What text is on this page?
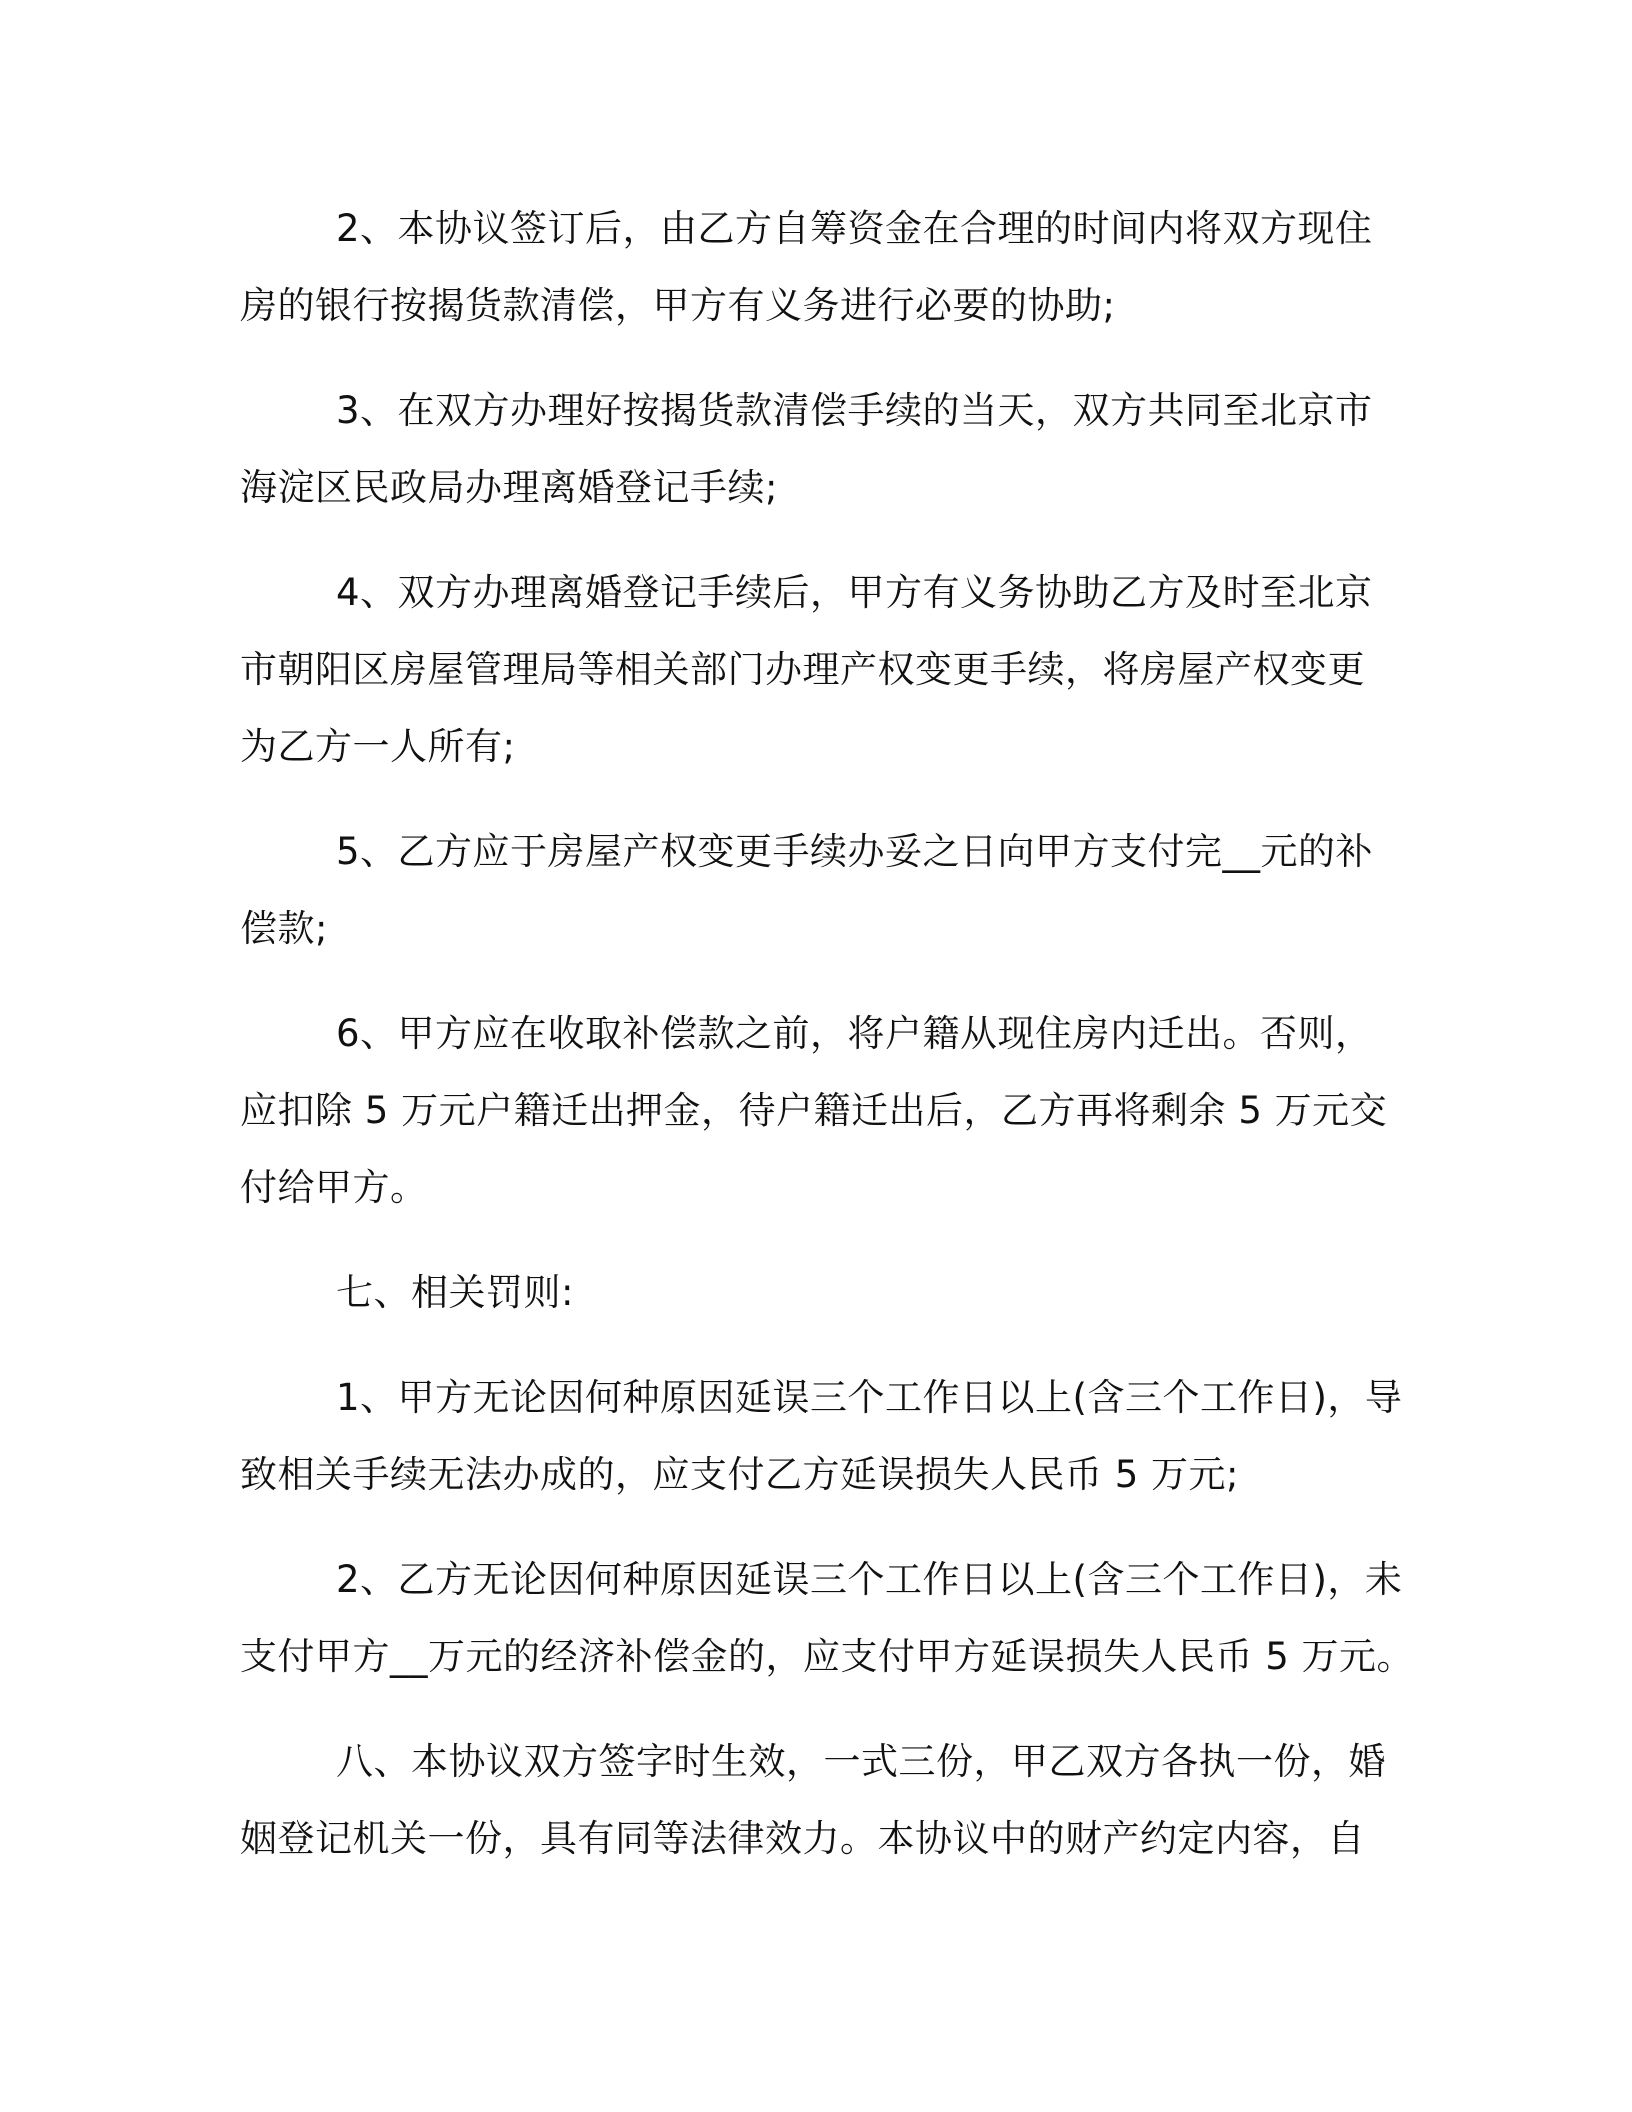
2、本协议签订后，由乙方自筹资金在合理的时间内将双方现住
房的银行按揭货款清偿，甲方有义务进行必要的协助;

3、在双方办理好按揭货款清偿手续的当天，双方共同至北京市
海淀区民政局办理离婚登记手续;

4、双方办理离婚登记手续后，甲方有义务协助乙方及时至北京
市朝阳区房屋管理局等相关部门办理产权变更手续，将房屋产权变更
为乙方一人所有;

5、乙方应于房屋产权变更手续办妥之日向甲方支付完__元的补
偿款;

6、甲方应在收取补偿款之前，将户籍从现住房内迁出。否则，
应扣除 5 万元户籍迁出押金，待户籍迁出后，乙方再将剩余 5 万元交
付给甲方。

七、相关罚则:

1、甲方无论因何种原因延误三个工作日以上(含三个工作日)，导
致相关手续无法办成的，应支付乙方延误损失人民币 5 万元;

2、乙方无论因何种原因延误三个工作日以上(含三个工作日)，未
支付甲方__万元的经济补偿金的，应支付甲方延误损失人民币 5 万元。

八、本协议双方签字时生效，一式三份，甲乙双方各执一份，婚
姻登记机关一份，具有同等法律效力。本协议中的财产约定内容，自
